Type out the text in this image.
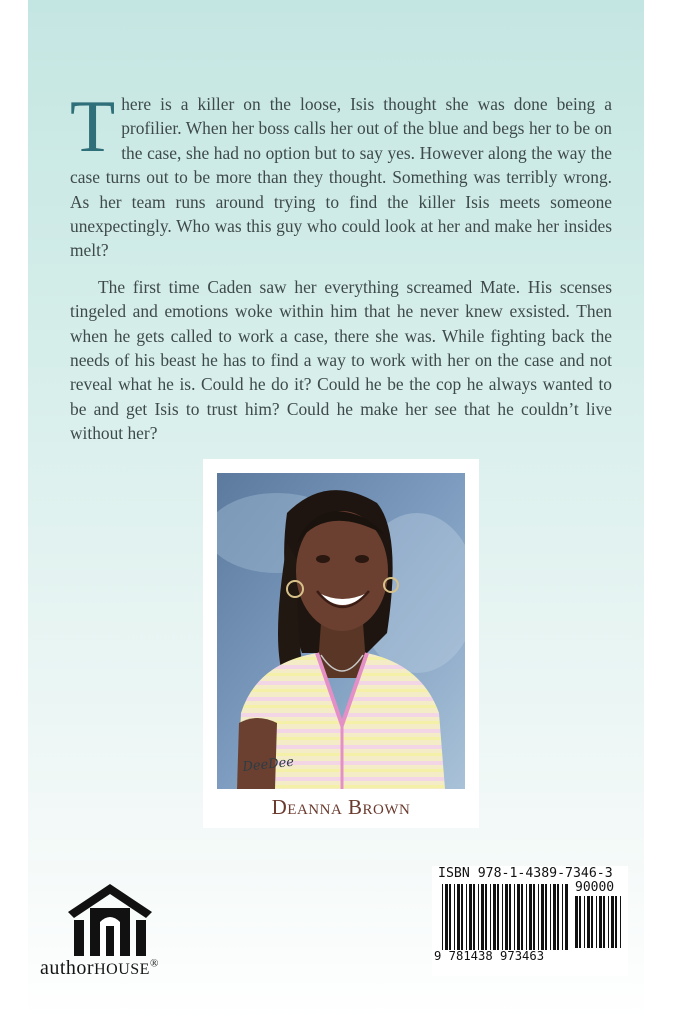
There is a killer on the loose, Isis thought she was done being a profilier. When her boss calls her out of the blue and begs her to be on the case, she had no option but to say yes. However along the way the case turns out to be more than they thought. Something was terribly wrong. As her team runs around trying to find the killer Isis meets someone unexpectingly. Who was this guy who could look at her and make her insides melt?

The first time Caden saw her everything screamed Mate. His scenses tingeled and emotions woke within him that he never knew exsisted. Then when he gets called to work a case, there she was. While fighting back the needs of his beast he has to find a way to work with her on the case and not reveal what he is. Could he do it? Could he be the cop he always wanted to be and get Isis to trust him? Could he make her see that he couldn’t live without her?

DeeDee
Deanna Brown
authorHOUSE®
ISBN 978-1-4389-7346-3
90000
9 781438 973463
